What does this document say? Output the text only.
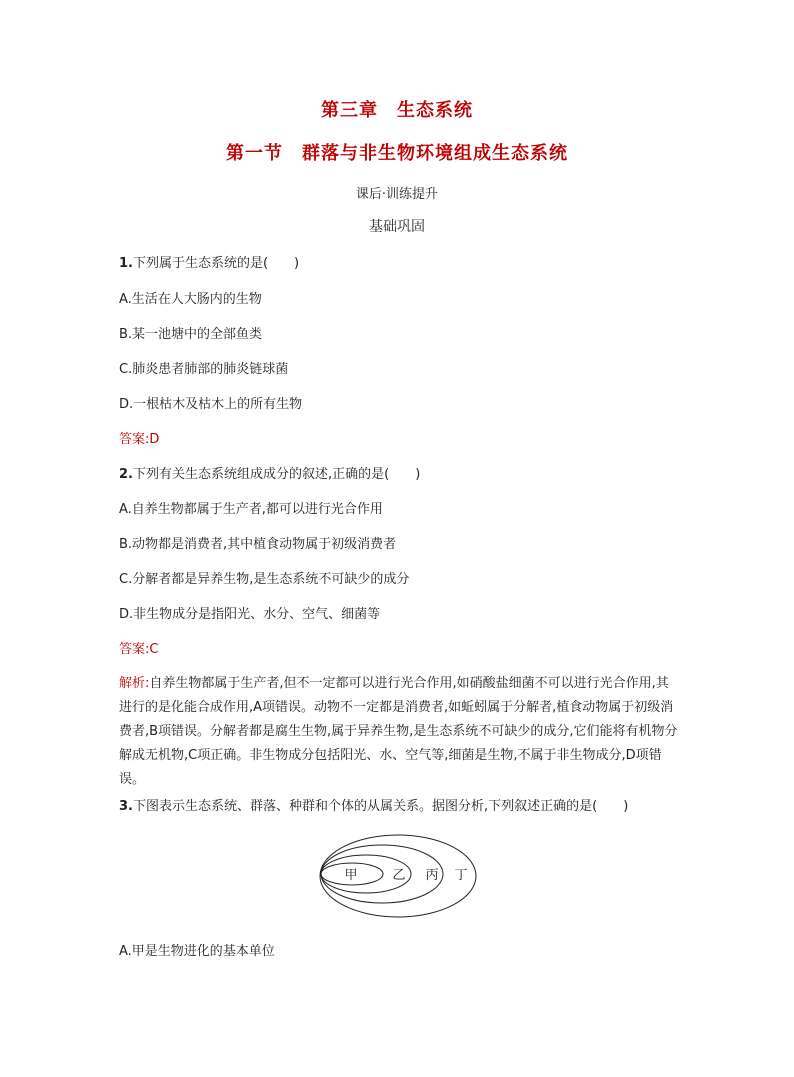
第三章　生态系统
第一节　群落与非生物环境组成生态系统
课后·训练提升
基础巩固
1.下列属于生态系统的是(　　)
A.生活在人大肠内的生物
B.某一池塘中的全部鱼类
C.肺炎患者肺部的肺炎链球菌
D.一根枯木及枯木上的所有生物
答案:D
2.下列有关生态系统组成成分的叙述,正确的是(　　)
A.自养生物都属于生产者,都可以进行光合作用
B.动物都是消费者,其中植食动物属于初级消费者
C.分解者都是异养生物,是生态系统不可缺少的成分
D.非生物成分是指阳光、水分、空气、细菌等
答案:C
解析:自养生物都属于生产者,但不一定都可以进行光合作用,如硝酸盐细菌不可以进行光合作用,其进行的是化能合成作用,A项错误。动物不一定都是消费者,如蚯蚓属于分解者,植食动物属于初级消费者,B项错误。分解者都是腐生生物,属于异养生物,是生态系统不可缺少的成分,它们能将有机物分解成无机物,C项正确。非生物成分包括阳光、水、空气等,细菌是生物,不属于非生物成分,D项错误。
3.下图表示生态系统、群落、种群和个体的从属关系。据图分析,下列叙述正确的是(　　)
甲	乙 丙 丁
A.甲是生物进化的基本单位
